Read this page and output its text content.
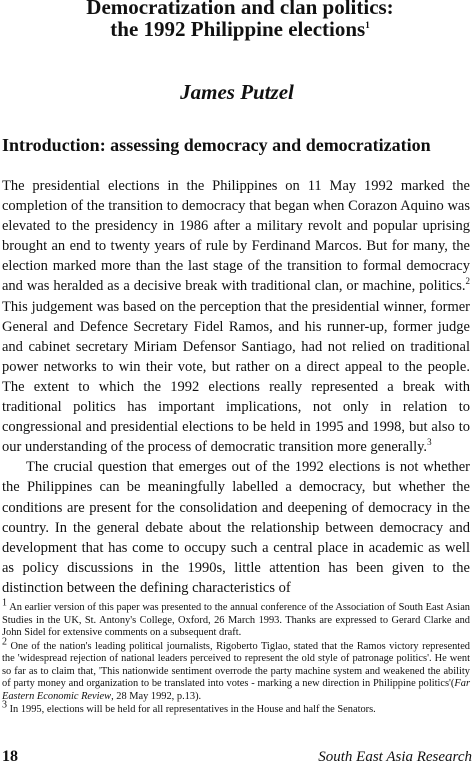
Democratization and clan politics:
the 1992 Philippine elections$^1$
James Putzel
Introduction: assessing democracy and democratization

The presidential elections in the Philippines on 11 May 1992 marked the completion of the transition to democracy that began when Corazon Aquino was elevated to the presidency in 1986 after a military revolt and popular uprising brought an end to twenty years of rule by Ferdinand Marcos. But for many, the election marked more than the last stage of the transition to formal democracy and was heralded as a decisive break with traditional clan, or machine, politics.$^2$ This judgement was based on the perception that the presidential winner, former General and Defence Secretary Fidel Ramos, and his runner-up, former judge and cabinet secretary Miriam Defensor Santiago, had not relied on traditional power networks to win their vote, but rather on a direct appeal to the people. The extent to which the 1992 elections really represented a break with traditional politics has important implications, not only in relation to congressional and presidential elections to be held in 1995 and 1998, but also to our understanding of the process of democratic transition more generally.$^3$

The crucial question that emerges out of the 1992 elections is not whether the Philippines can be meaningfully labelled a democracy, but whether the conditions are present for the consolidation and deepening of democracy in the country. In the general debate about the relationship between democracy and development that has come to occupy such a central place in academic as well as policy discussions in the 1990s, little attention has been given to the distinction between the defining characteristics of

$^1$ An earlier version of this paper was presented to the annual conference of the Association of South East Asian Studies in the UK, St. Antony's College, Oxford, 26 March 1993. Thanks are expressed to Gerard Clarke and John Sidel for extensive comments on a subsequent draft.

$^2$ One of the nation's leading political journalists, Rigoberto Tiglao, stated that the Ramos victory represented the 'widespread rejection of national leaders perceived to represent the old style of patronage politics'. He went so far as to claim that, 'This nationwide sentiment overrode the party machine system and weakened the ability of party money and organization to be translated into votes - marking a new direction in Philippine politics'(Far Eastern Economic Review, 28 May 1992, p.13).

$^3$ In 1995, elections will be held for all representatives in the House and half the Senators.

18	South East Asia Research
